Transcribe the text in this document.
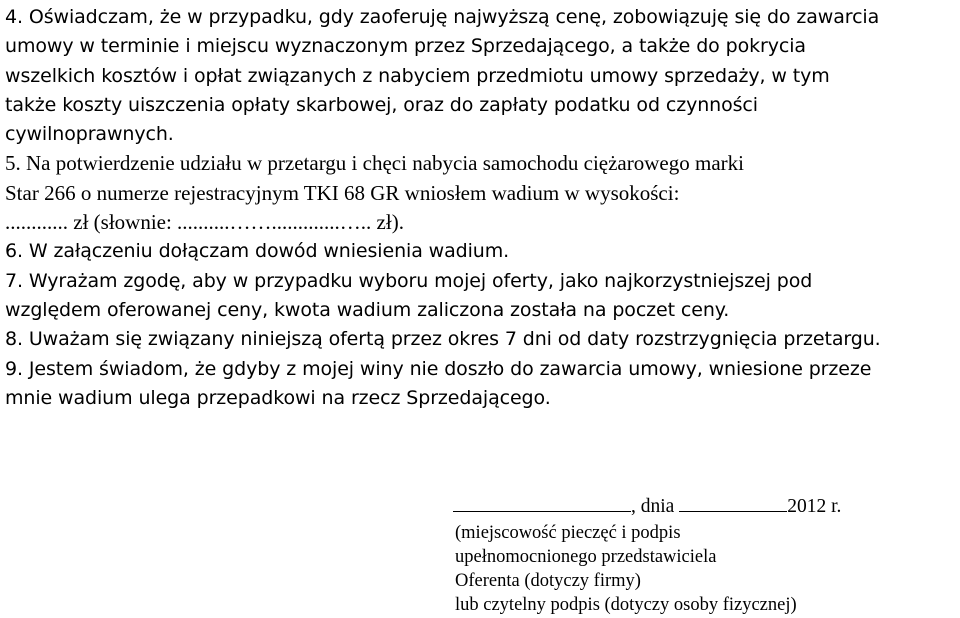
4. Oświadczam, że w przypadku, gdy zaoferuję najwyższą cenę, zobowiązuję się do zawarcia
umowy w terminie i miejscu wyznaczonym przez Sprzedającego, a także do pokrycia
wszelkich kosztów i opłat związanych z nabyciem przedmiotu umowy sprzedaży, w tym
także koszty uiszczenia opłaty skarbowej, oraz do zapłaty podatku od czynności
cywilnoprawnych.
5. Na potwierdzenie udziału w przetargu i chęci nabycia samochodu ciężarowego marki
Star 266 o numerze rejestracyjnym TKI 68 GR wniosłem wadium w wysokości:
............ zł (słownie: ..........…….............….. zł).
6. W załączeniu dołączam dowód wniesienia wadium.
7. Wyrażam zgodę, aby w przypadku wyboru mojej oferty, jako najkorzystniejszej pod
względem oferowanej ceny, kwota wadium zaliczona została na poczet ceny.
8. Uważam się związany niniejszą ofertą przez okres 7 dni od daty rozstrzygnięcia przetargu.
9. Jestem świadom, że gdyby z mojej winy nie doszło do zawarcia umowy, wniesione przeze
mnie wadium ulega przepadkowi na rzecz Sprzedającego.
, dnia	2012 r.
(miejscowość pieczęć i podpis
upełnomocnionego przedstawiciela
Oferenta (dotyczy firmy)
lub czytelny podpis (dotyczy osoby fizycznej)
